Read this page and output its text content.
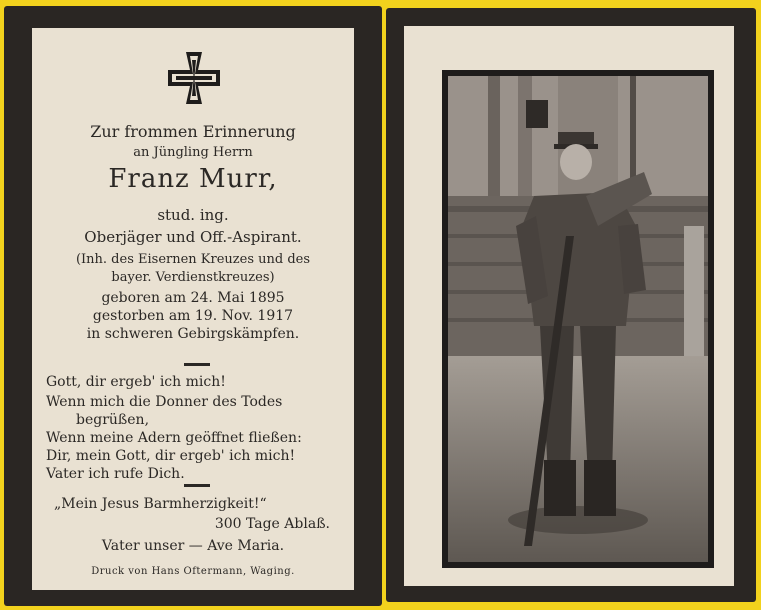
Zur frommen Erinnerung
an Jüngling Herrn
Franz Murr,
stud. ing.
Oberjäger und Off.-Aspirant.
(Inh. des Eisernen Kreuzes und des
bayer. Verdienstkreuzes)
geboren am 24. Mai 1895
gestorben am 19. Nov. 1917
in schweren Gebirgskämpfen.
Gott, dir ergeb' ich mich!
Wenn mich die Donner des Todes
begrüßen,
Wenn meine Adern geöffnet fließen:
Dir, mein Gott, dir ergeb' ich mich!
Vater ich rufe Dich.
„Mein Jesus Barmherzigkeit!“
300 Tage Ablaß.
Vater unser — Ave Maria.
Druck von Hans Oftermann, Waging.
